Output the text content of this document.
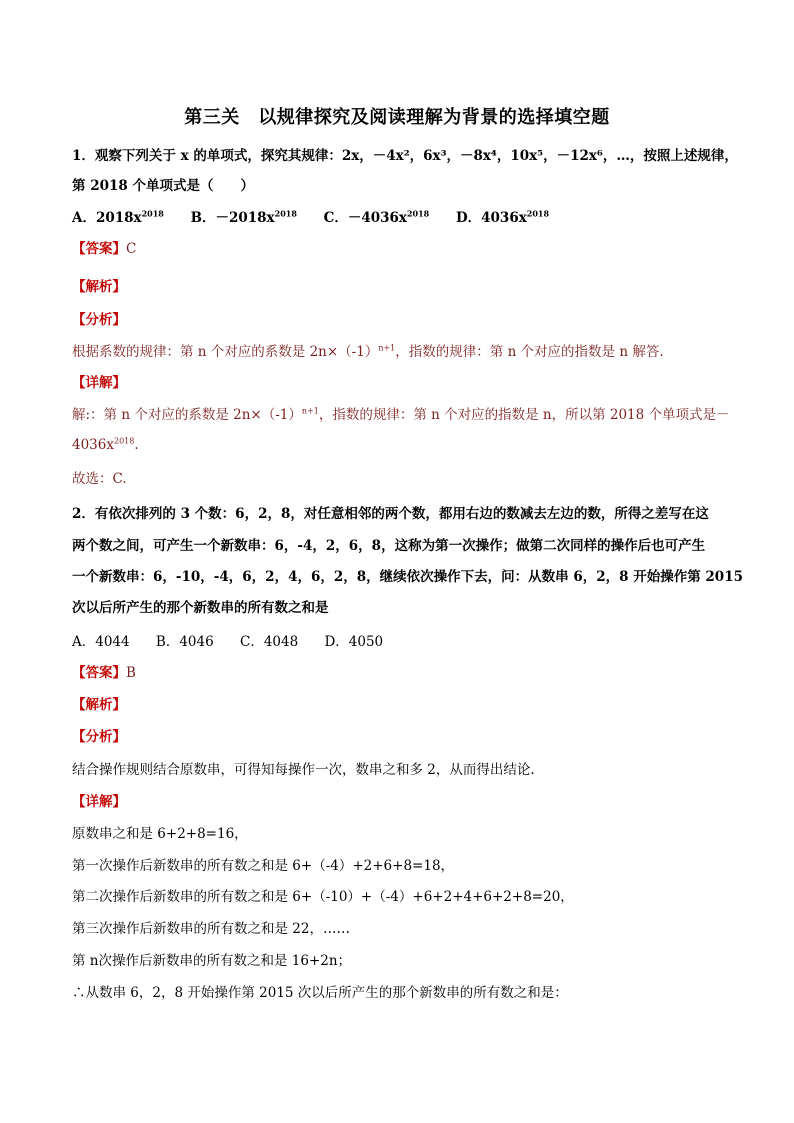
第三关　以规律探究及阅读理解为背景的选择填空题
1．观察下列关于 x 的单项式，探究其规律：2x，－4x²，6x³，－8x⁴，10x⁵，－12x⁶，…，按照上述规律，
第 2018 个单项式是（　　）
A．$2018x^{2018}$ B．$-2018x^{2018}$ C．$-4036x^{2018}$ D．$4036x^{2018}$
【答案】C
【解析】
【分析】
根据系数的规律：第 n 个对应的系数是 $2n\times(-1)^{n+1}$，指数的规律：第 n 个对应的指数是 n 解答.
【详解】
解:：第 n 个对应的系数是 $2n\times(-1)^{n+1}$，指数的规律：第 n 个对应的指数是 n，所以第 2018 个单项式是－
$4036x^{2018}$.
故选：C.
2．有依次排列的 3 个数：6，2，8，对任意相邻的两个数，都用右边的数减去左边的数，所得之差写在这
两个数之间，可产生一个新数串：6，-4，2，6，8，这称为第一次操作；做第二次同样的操作后也可产生
一个新数串：6，-10，-4，6，2，4，6，2，8，继续依次操作下去，问：从数串 6，2，8 开始操作第 2015
次以后所产生的那个新数串的所有数之和是
A．4044 B．4046 C．4048 D．4050
【答案】B
【解析】
【分析】
结合操作规则结合原数串，可得知每操作一次，数串之和多 2，从而得出结论.
【详解】
原数串之和是 6+2+8=16，
第一次操作后新数串的所有数之和是 6+（-4）+2+6+8=18，
第二次操作后新数串的所有数之和是 6+（-10）+（-4）+6+2+4+6+2+8=20，
第三次操作后新数串的所有数之和是 22，……
第 n次操作后新数串的所有数之和是 16+2n；
∴从数串 6，2，8 开始操作第 2015 次以后所产生的那个新数串的所有数之和是：
